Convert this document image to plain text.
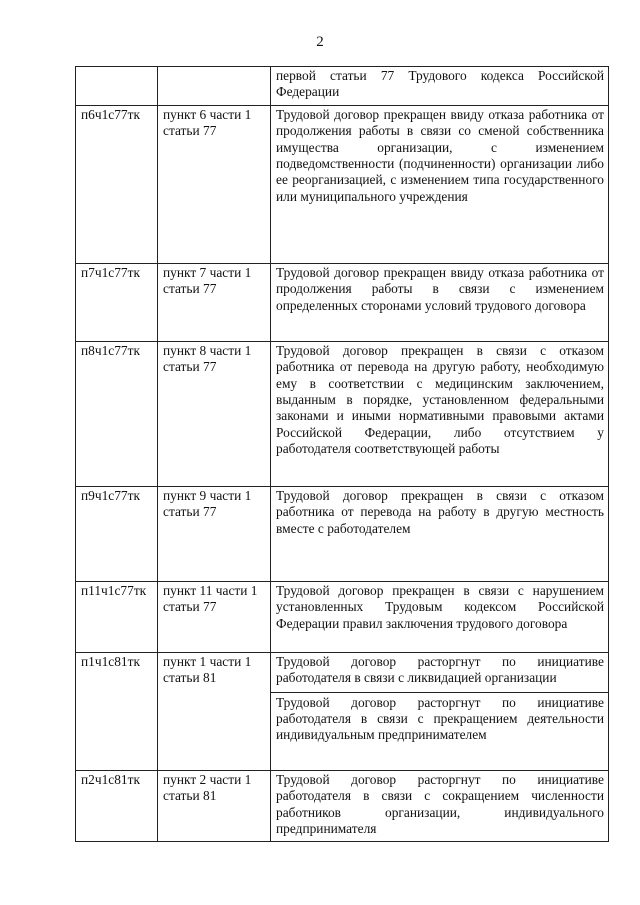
2

		первой статьи 77 Трудового кодекса Российской Федерации

п6ч1с77тк	пункт 6 части 1 статьи 77	Трудовой договор прекращен ввиду отказа работника от продолжения работы в связи со сменой собственника имущества организации, с изменением подведомственности (подчиненности) организации либо ее реорганизацией, с изменением типа государственного или муниципального учреждения

п7ч1с77тк	пункт 7 части 1 статьи 77	Трудовой договор прекращен ввиду отказа работника от продолжения работы в связи с изменением определенных сторонами условий трудового договора

п8ч1с77тк	пункт 8 части 1 статьи 77	Трудовой договор прекращен в связи с отказом работника от перевода на другую работу, необходимую ему в соответствии с медицинским заключением, выданным в порядке, установленном федеральными законами и иными нормативными правовыми актами Российской Федерации, либо отсутствием у работодателя соответствующей работы

п9ч1с77тк	пункт 9 части 1 статьи 77	Трудовой договор прекращен в связи с отказом работника от перевода на работу в другую местность вместе с работодателем

п11ч1с77тк	пункт 11 части 1 статьи 77	Трудовой договор прекращен в связи с нарушением установленных Трудовым кодексом Российской Федерации правил заключения трудового договора

п1ч1с81тк	пункт 1 части 1 статьи 81	Трудовой договор расторгнут по инициативе работодателя в связи с ликвидацией организации
Трудовой договор расторгнут по инициативе работодателя в связи с прекращением деятельности индивидуальным предпринимателем

п2ч1с81тк	пункт 2 части 1 статьи 81	Трудовой договор расторгнут по инициативе работодателя в связи с сокращением численности работников организации, индивидуального предпринимателя
